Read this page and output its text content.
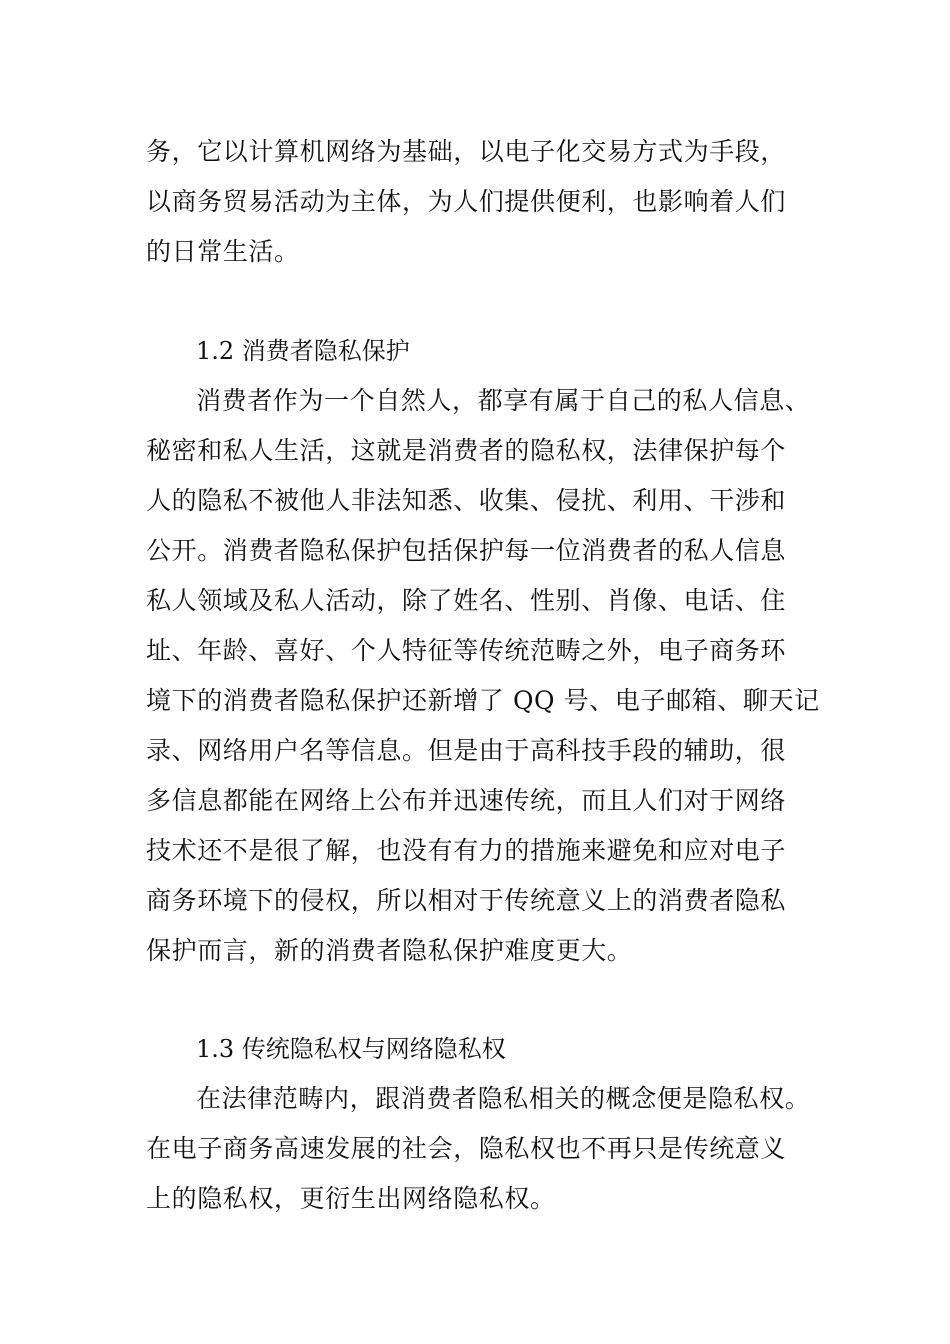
务，它以计算机网络为基础，以电子化交易方式为手段，
以商务贸易活动为主体，为人们提供便利，也影响着人们
的日常生活。
1.2 消费者隐私保护
消费者作为一个自然人，都享有属于自己的私人信息、
秘密和私人生活，这就是消费者的隐私权，法律保护每个
人的隐私不被他人非法知悉、收集、侵扰、利用、干涉和
公开。消费者隐私保护包括保护每一位消费者的私人信息
私人领域及私人活动，除了姓名、性别、肖像、电话、住
址、年龄、喜好、个人特征等传统范畴之外，电子商务环
境下的消费者隐私保护还新增了 QQ 号、电子邮箱、聊天记
录、网络用户名等信息。但是由于高科技手段的辅助，很
多信息都能在网络上公布并迅速传统，而且人们对于网络
技术还不是很了解，也没有有力的措施来避免和应对电子
商务环境下的侵权，所以相对于传统意义上的消费者隐私
保护而言，新的消费者隐私保护难度更大。
1.3 传统隐私权与网络隐私权
在法律范畴内，跟消费者隐私相关的概念便是隐私权。
在电子商务高速发展的社会，隐私权也不再只是传统意义
上的隐私权，更衍生出网络隐私权。
